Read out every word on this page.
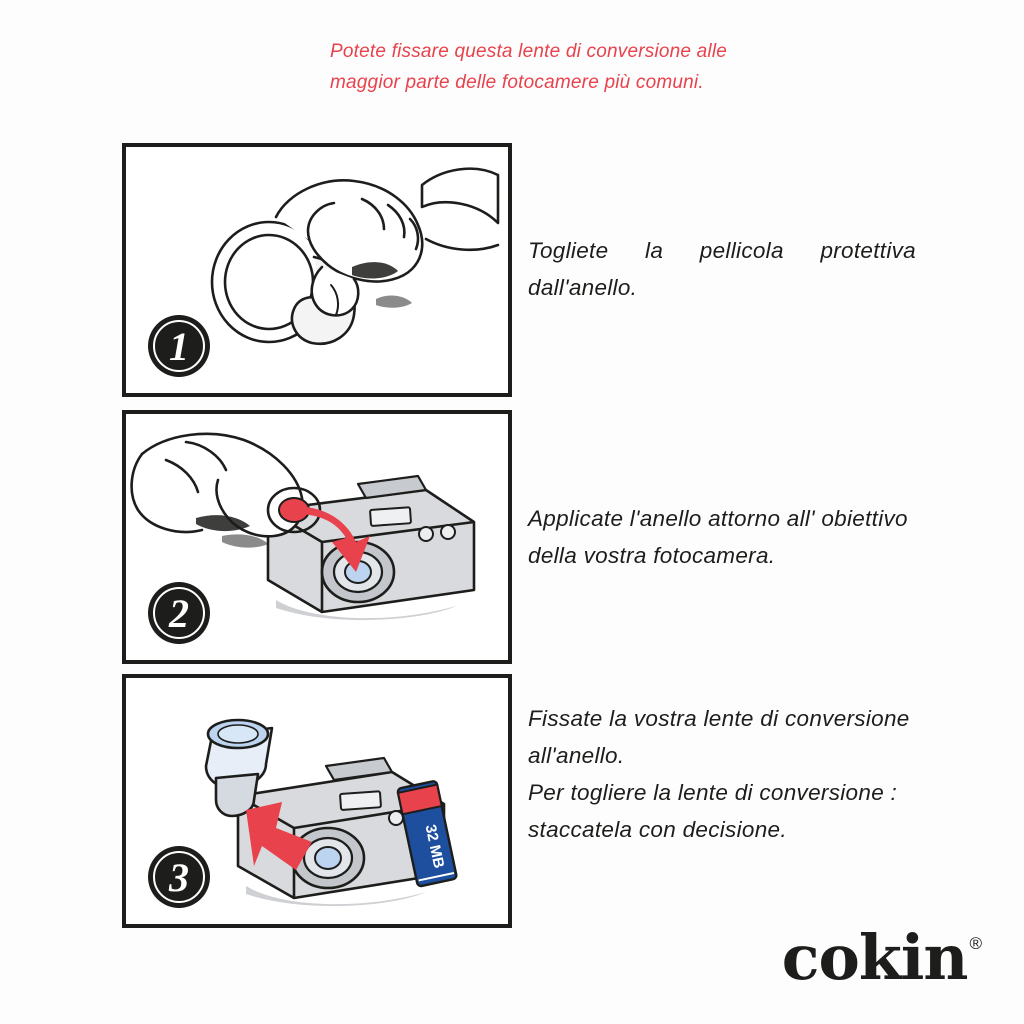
Potete fissare questa lente di conversione alle
maggior parte delle fotocamere più comuni.
1
Togliete la pellicola protettiva
dall'anello.
2
Applicate l'anello attorno all' obiettivo
della vostra fotocamera.
32 MB
3
Fissate la vostra lente di conversione
all'anello.
Per togliere la lente di conversione :
staccatela con decisione.
cokin ®
